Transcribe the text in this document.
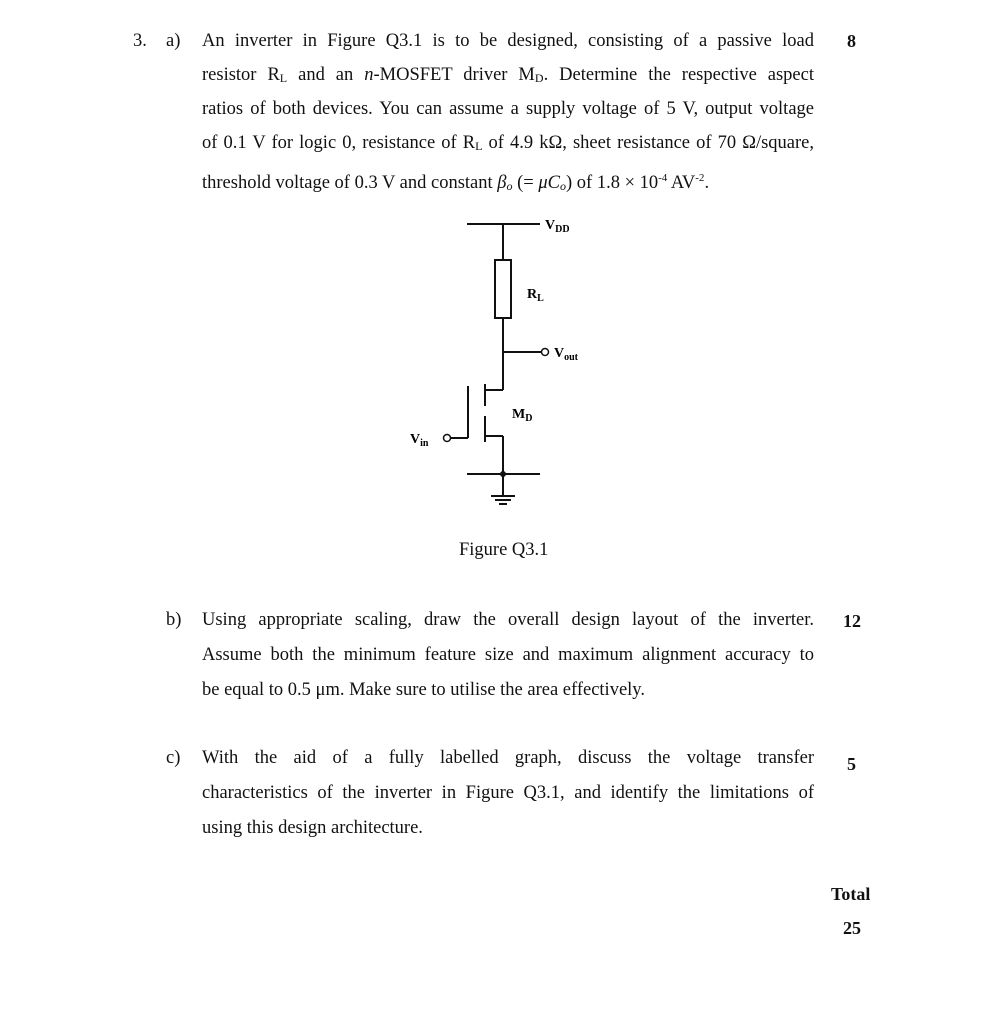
3. a)	8
An inverter in Figure Q3.1 is to be designed, consisting of a passive load
resistor $R_L$ and an n-MOSFET driver $M_D$. Determine the respective aspect
ratios of both devices. You can assume a supply voltage of 5 V, output voltage
of 0.1 V for logic 0, resistance of $R_L$ of 4.9 kΩ, sheet resistance of 70 Ω/square,
threshold voltage of 0.3 V and constant $\beta_o$ (= $\mu C_o$) of $1.8 \times 10^{-4}$ $AV^{-2}$.
$V_{DD}$
$R_L$
$V_{out}$
$M_D$
$V_{in}$
Figure Q3.1
b)	12
Using appropriate scaling, draw the overall design layout of the inverter.
Assume both the minimum feature size and maximum alignment accuracy to
be equal to 0.5 μm. Make sure to utilise the area effectively.
c)	5
With the aid of a fully labelled graph, discuss the voltage transfer
characteristics of the inverter in Figure Q3.1, and identify the limitations of
using this design architecture.
Total
25
